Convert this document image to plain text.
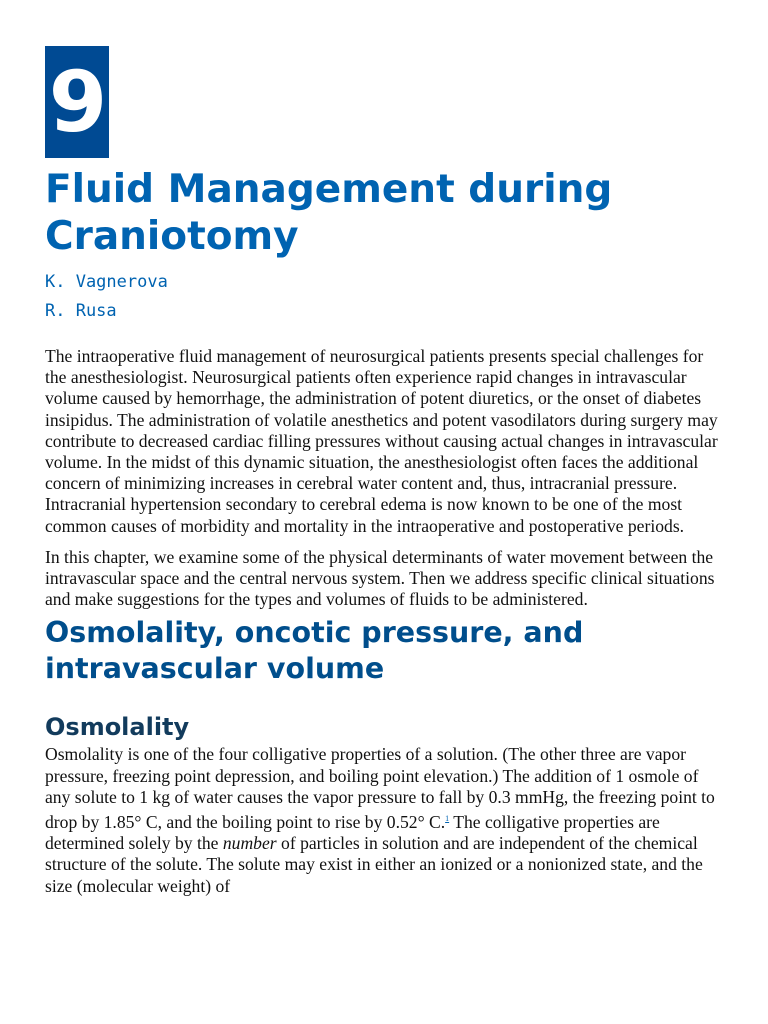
9
Fluid Management during Craniotomy
K. Vagnerova
R. Rusa

The intraoperative fluid management of neurosurgical patients presents special challenges for the anesthesiologist. Neurosurgical patients often experience rapid changes in intravascular volume caused by hemorrhage, the administration of potent diuretics, or the onset of diabetes insipidus. The administration of volatile anesthetics and potent vasodilators during surgery may contribute to decreased cardiac filling pressures without causing actual changes in intravascular volume. In the midst of this dynamic situation, the anesthesiologist often faces the additional concern of minimizing increases in cerebral water content and, thus, intracranial pressure. Intracranial hypertension secondary to cerebral edema is now known to be one of the most common causes of morbidity and mortality in the intraoperative and postoperative periods.

In this chapter, we examine some of the physical determinants of water movement between the intravascular space and the central nervous system. Then we address specific clinical situations and make suggestions for the types and volumes of fluids to be administered.

Osmolality, oncotic pressure, and intravascular volume
Osmolality

Osmolality is one of the four colligative properties of a solution. (The other three are vapor pressure, freezing point depression, and boiling point elevation.) The addition of 1 osmole of any solute to 1 kg of water causes the vapor pressure to fall by 0.3 mmHg, the freezing point to drop by 1.85° C, and the boiling point to rise by 0.52° C.$^1$ The colligative properties are determined solely by the number of particles in solution and are independent of the chemical structure of the solute. The solute may exist in either an ionized or a nonionized state, and the size (molecular weight) of
